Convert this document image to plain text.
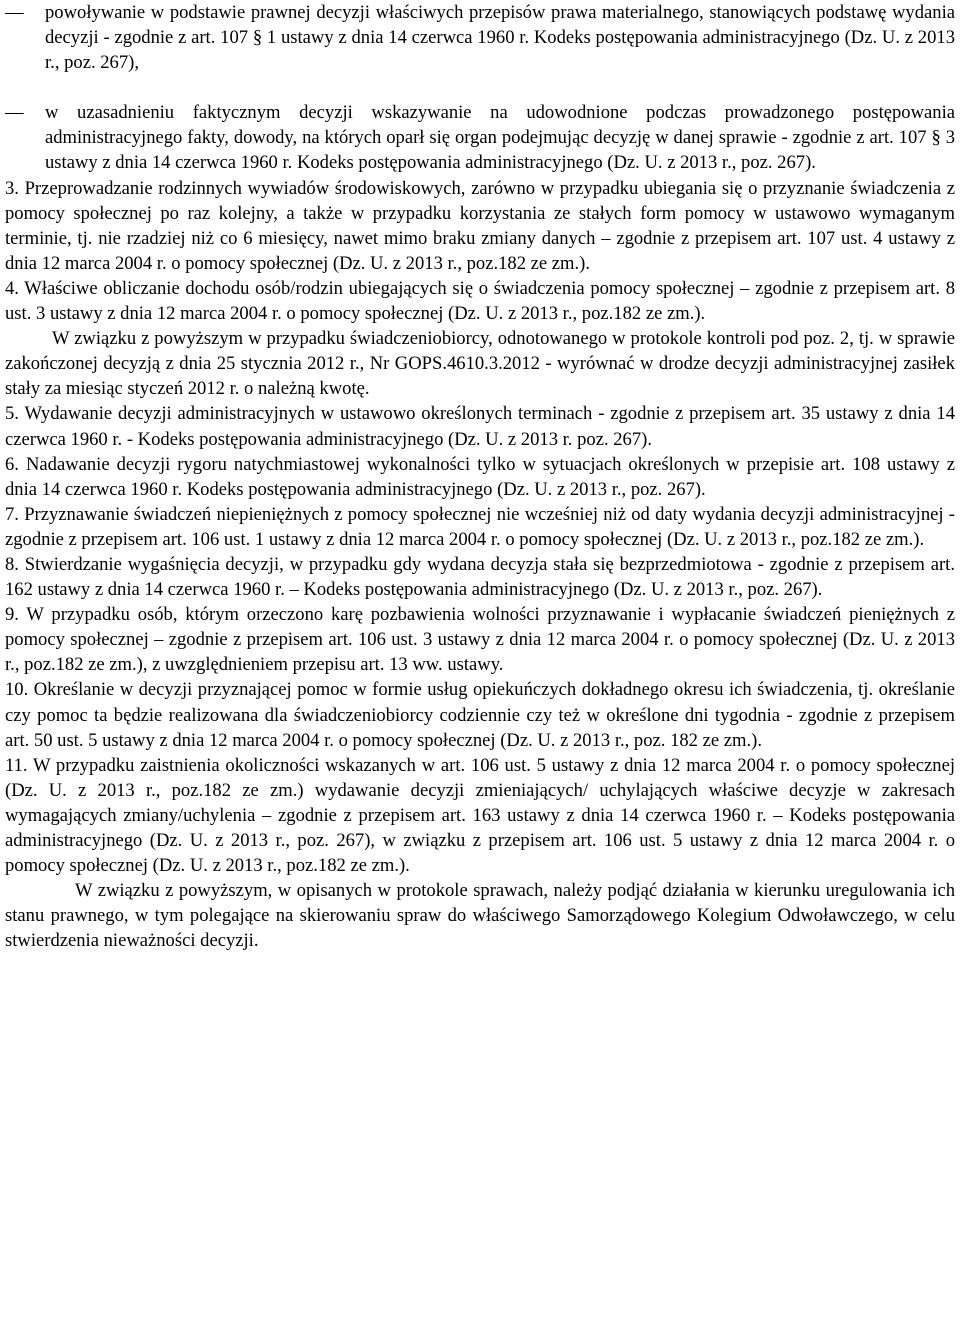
—	powoływanie w podstawie prawnej decyzji właściwych przepisów prawa materialnego, stanowiących podstawę wydania decyzji - zgodnie z art. 107 § 1 ustawy z dnia 14 czerwca 1960 r. Kodeks postępowania administracyjnego (Dz. U. z 2013 r., poz. 267),
—	w uzasadnieniu faktycznym decyzji wskazywanie na udowodnione podczas prowadzonego postępowania administracyjnego fakty, dowody, na których oparł się organ podejmując decyzję w danej sprawie - zgodnie z art. 107 § 3 ustawy z dnia 14 czerwca 1960 r. Kodeks postępowania administracyjnego (Dz. U. z 2013 r., poz. 267).

3. Przeprowadzanie rodzinnych wywiadów środowiskowych, zarówno w przypadku ubiegania się o przyznanie świadczenia z pomocy społecznej po raz kolejny, a także w przypadku korzystania ze stałych form pomocy w ustawowo wymaganym terminie, tj. nie rzadziej niż co 6 miesięcy, nawet mimo braku zmiany danych – zgodnie z przepisem art. 107 ust. 4 ustawy z dnia 12 marca 2004 r. o pomocy społecznej (Dz. U. z 2013 r., poz.182 ze zm.).

4. Właściwe obliczanie dochodu osób/rodzin ubiegających się o świadczenia pomocy społecznej – zgodnie z przepisem art. 8 ust. 3 ustawy z dnia 12 marca 2004 r. o pomocy społecznej (Dz. U. z 2013 r., poz.182 ze zm.).

W związku z powyższym w przypadku świadczeniobiorcy, odnotowanego w protokole kontroli pod poz. 2, tj. w sprawie zakończonej decyzją z dnia 25 stycznia 2012 r., Nr GOPS.4610.3.2012 - wyrównać w drodze decyzji administracyjnej zasiłek stały za miesiąc styczeń 2012 r. o należną kwotę.

5. Wydawanie decyzji administracyjnych w ustawowo określonych terminach - zgodnie z przepisem art. 35 ustawy z dnia 14 czerwca 1960 r. - Kodeks postępowania administracyjnego (Dz. U. z 2013 r. poz. 267).

6. Nadawanie decyzji rygoru natychmiastowej wykonalności tylko w sytuacjach określonych w przepisie art. 108 ustawy z dnia 14 czerwca 1960 r. Kodeks postępowania administracyjnego (Dz. U. z 2013 r., poz. 267).

7. Przyznawanie świadczeń niepieniężnych z pomocy społecznej nie wcześniej niż od daty wydania decyzji administracyjnej - zgodnie z przepisem art. 106 ust. 1 ustawy z dnia 12 marca 2004 r. o pomocy społecznej (Dz. U. z 2013 r., poz.182 ze zm.).

8. Stwierdzanie wygaśnięcia decyzji, w przypadku gdy wydana decyzja stała się bezprzedmiotowa - zgodnie z przepisem art. 162 ustawy z dnia 14 czerwca 1960 r. – Kodeks postępowania administracyjnego (Dz. U. z 2013 r., poz. 267).

9. W przypadku osób, którym orzeczono karę pozbawienia wolności przyznawanie i wypłacanie świadczeń pieniężnych z pomocy społecznej – zgodnie z przepisem art. 106 ust. 3 ustawy z dnia 12 marca 2004 r. o pomocy społecznej (Dz. U. z 2013 r., poz.182 ze zm.), z uwzględnieniem przepisu art. 13 ww. ustawy.

10. Określanie w decyzji przyznającej pomoc w formie usług opiekuńczych dokładnego okresu ich świadczenia, tj. określanie czy pomoc ta będzie realizowana dla świadczeniobiorcy codziennie czy też w określone dni tygodnia - zgodnie z przepisem art. 50 ust. 5 ustawy z dnia 12 marca 2004 r. o pomocy społecznej (Dz. U. z 2013 r., poz. 182 ze zm.).

11. W przypadku zaistnienia okoliczności wskazanych w art. 106 ust. 5 ustawy z dnia 12 marca 2004 r. o pomocy społecznej (Dz. U. z 2013 r., poz.182 ze zm.) wydawanie decyzji zmieniających/ uchylających właściwe decyzje w zakresach wymagających zmiany/uchylenia – zgodnie z przepisem art. 163 ustawy z dnia 14 czerwca 1960 r. – Kodeks postępowania administracyjnego (Dz. U. z 2013 r., poz. 267), w związku z przepisem art. 106 ust. 5 ustawy z dnia 12 marca 2004 r. o pomocy społecznej (Dz. U. z 2013 r., poz.182 ze zm.).

W związku z powyższym, w opisanych w protokole sprawach, należy podjąć działania w kierunku uregulowania ich stanu prawnego, w tym polegające na skierowaniu spraw do właściwego Samorządowego Kolegium Odwoławczego, w celu stwierdzenia nieważności decyzji.
